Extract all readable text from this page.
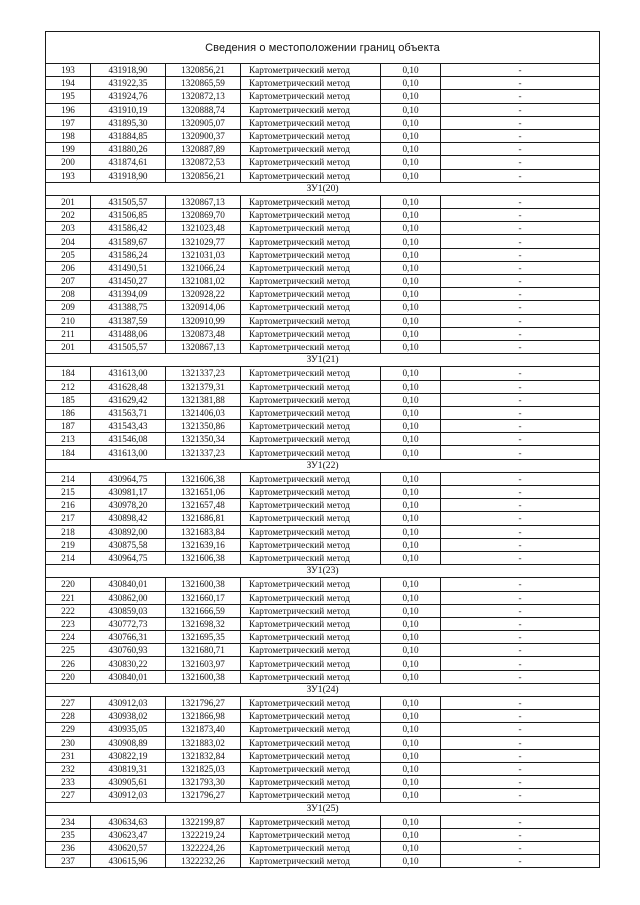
Сведения о местоположении границ объекта					
193	431918,90	1320856,21	Картометрический метод	0,10	-
194	431922,35	1320865,59	Картометрический метод	0,10	-
195	431924,76	1320872,13	Картометрический метод	0,10	-
196	431910,19	1320888,74	Картометрический метод	0,10	-
197	431895,30	1320905,07	Картометрический метод	0,10	-
198	431884,85	1320900,37	Картометрический метод	0,10	-
199	431880,26	1320887,89	Картометрический метод	0,10	-
200	431874,61	1320872,53	Картометрический метод	0,10	-
193	431918,90	1320856,21	Картометрический метод	0,10	-
ЗУ1(20)					
201	431505,57	1320867,13	Картометрический метод	0,10	-
202	431506,85	1320869,70	Картометрический метод	0,10	-
203	431586,42	1321023,48	Картометрический метод	0,10	-
204	431589,67	1321029,77	Картометрический метод	0,10	-
205	431586,24	1321031,03	Картометрический метод	0,10	-
206	431490,51	1321066,24	Картометрический метод	0,10	-
207	431450,27	1321081,02	Картометрический метод	0,10	-
208	431394,09	1320928,22	Картометрический метод	0,10	-
209	431388,75	1320914,06	Картометрический метод	0,10	-
210	431387,59	1320910,99	Картометрический метод	0,10	-
211	431488,06	1320873,48	Картометрический метод	0,10	-
201	431505,57	1320867,13	Картометрический метод	0,10	-
ЗУ1(21)					
184	431613,00	1321337,23	Картометрический метод	0,10	-
212	431628,48	1321379,31	Картометрический метод	0,10	-
185	431629,42	1321381,88	Картометрический метод	0,10	-
186	431563,71	1321406,03	Картометрический метод	0,10	-
187	431543,43	1321350,86	Картометрический метод	0,10	-
213	431546,08	1321350,34	Картометрический метод	0,10	-
184	431613,00	1321337,23	Картометрический метод	0,10	-
ЗУ1(22)					
214	430964,75	1321606,38	Картометрический метод	0,10	-
215	430981,17	1321651,06	Картометрический метод	0,10	-
216	430978,20	1321657,48	Картометрический метод	0,10	-
217	430898,42	1321686,81	Картометрический метод	0,10	-
218	430892,00	1321683,84	Картометрический метод	0,10	-
219	430875,58	1321639,16	Картометрический метод	0,10	-
214	430964,75	1321606,38	Картометрический метод	0,10	-
ЗУ1(23)					
220	430840,01	1321600,38	Картометрический метод	0,10	-
221	430862,00	1321660,17	Картометрический метод	0,10	-
222	430859,03	1321666,59	Картометрический метод	0,10	-
223	430772,73	1321698,32	Картометрический метод	0,10	-
224	430766,31	1321695,35	Картометрический метод	0,10	-
225	430760,93	1321680,71	Картометрический метод	0,10	-
226	430830,22	1321603,97	Картометрический метод	0,10	-
220	430840,01	1321600,38	Картометрический метод	0,10	-
ЗУ1(24)					
227	430912,03	1321796,27	Картометрический метод	0,10	-
228	430938,02	1321866,98	Картометрический метод	0,10	-
229	430935,05	1321873,40	Картометрический метод	0,10	-
230	430908,89	1321883,02	Картометрический метод	0,10	-
231	430822,19	1321832,84	Картометрический метод	0,10	-
232	430819,31	1321825,03	Картометрический метод	0,10	-
233	430905,61	1321793,30	Картометрический метод	0,10	-
227	430912,03	1321796,27	Картометрический метод	0,10	-
ЗУ1(25)					
234	430634,63	1322199,87	Картометрический метод	0,10	-
235	430623,47	1322219,24	Картометрический метод	0,10	-
236	430620,57	1322224,26	Картометрический метод	0,10	-
237	430615,96	1322232,26	Картометрический метод	0,10	-
